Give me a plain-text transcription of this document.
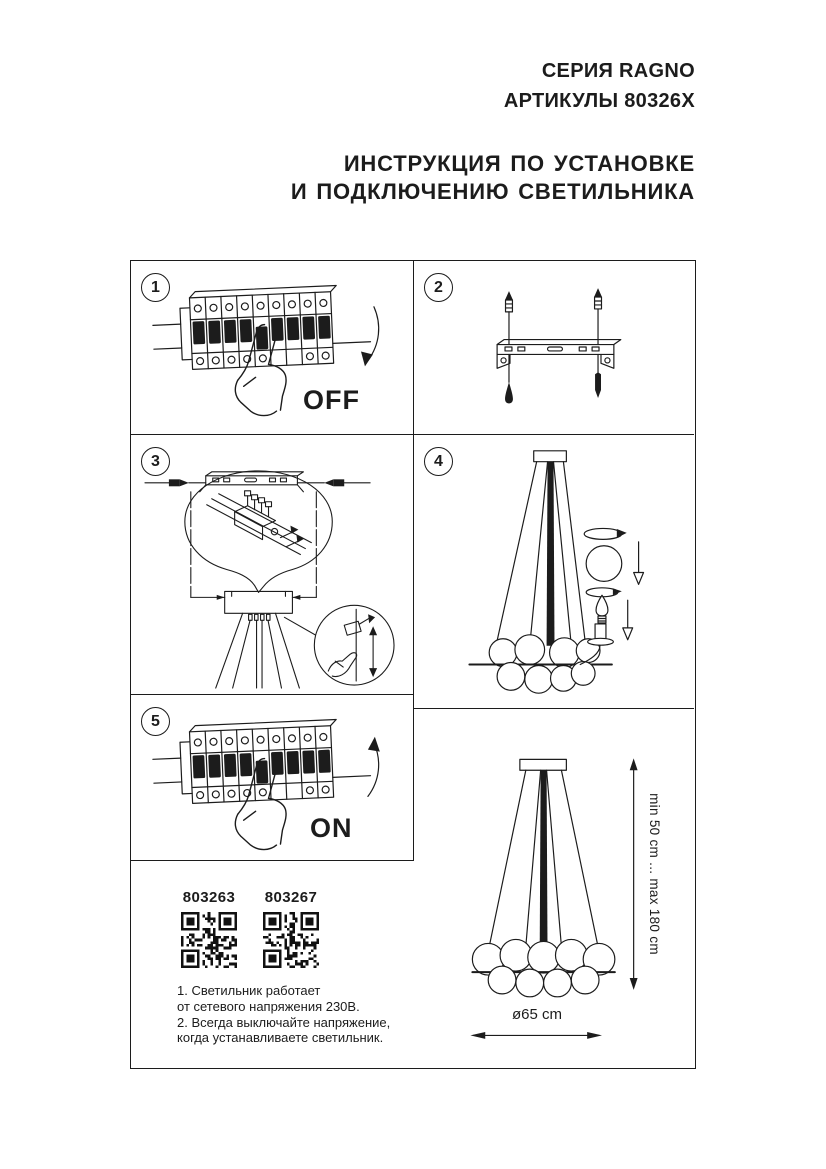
СЕРИЯ RAGNO
АРТИКУЛЫ 80326X
ИНСТРУКЦИЯ ПО УСТАНОВКЕ
И ПОДКЛЮЧЕНИЮ СВЕТИЛЬНИКА
1
OFF
2
3	4
5
ON	min 50 cm ... max 180 cm
ø65 cm
803263	803267
1. Светильник работает
от сетевого напряжения 230В.
2. Всегда выключайте напряжение,
когда устанавливаете светильник.
